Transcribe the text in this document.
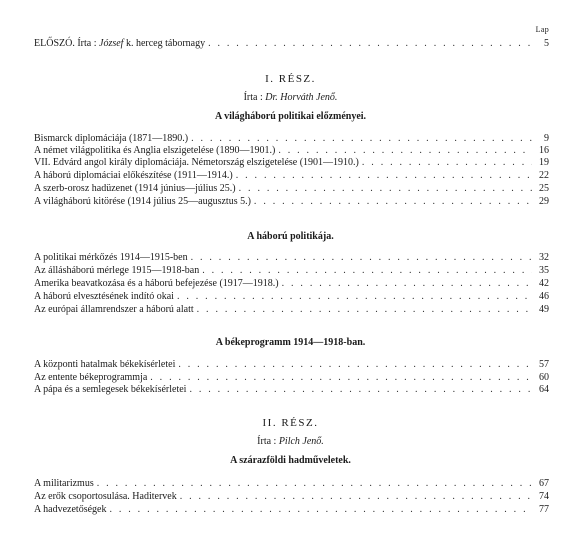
Lap
ELŐSZÓ. Írta : József k. herceg tábornagy . . .	5
I. RÉSZ.
Írta : Dr. Horváth Jenő.
A világháború politikai előzményei.
Bismarck diplomáciája (1871—1890.) . . .	9
A német világpolitika és Anglia elszigetelése (1890—1901.) . . .	16
VII. Edvárd angol király diplomáciája. Németország elszigetelése (1901—1910.) . . .	19
A háború diplomáciai előkészítése (1911—1914.) . . .	22
A szerb-orosz hadüzenet (1914 június—július 25.) . . .	25
A világháború kitörése (1914 július 25—augusztus 5.) . . .	29
A háború politikája.
A politikai mérkőzés 1914—1915-ben . . .	32
Az állásháború mérlege 1915—1918-ban . . .	35
Amerika beavatkozása és a háború befejezése (1917—1918.) . . .	42
A háború elvesztésének indító okai . . .	46
Az európai államrendszer a háború alatt . . .	49
A békeprogramm 1914—1918-ban.
A központi hatalmak békekísérletei . . .	57
Az entente békeprogrammja . . .	60
A pápa és a semlegesek békekísérletei . . .	64
II. RÉSZ.
Írta : Pilch Jenő.
A szárazföldi hadműveletek.
A militarizmus . . .	67
Az erők csoportosulása. Haditervek . . .	74
A hadvezetőségek . . .	77
